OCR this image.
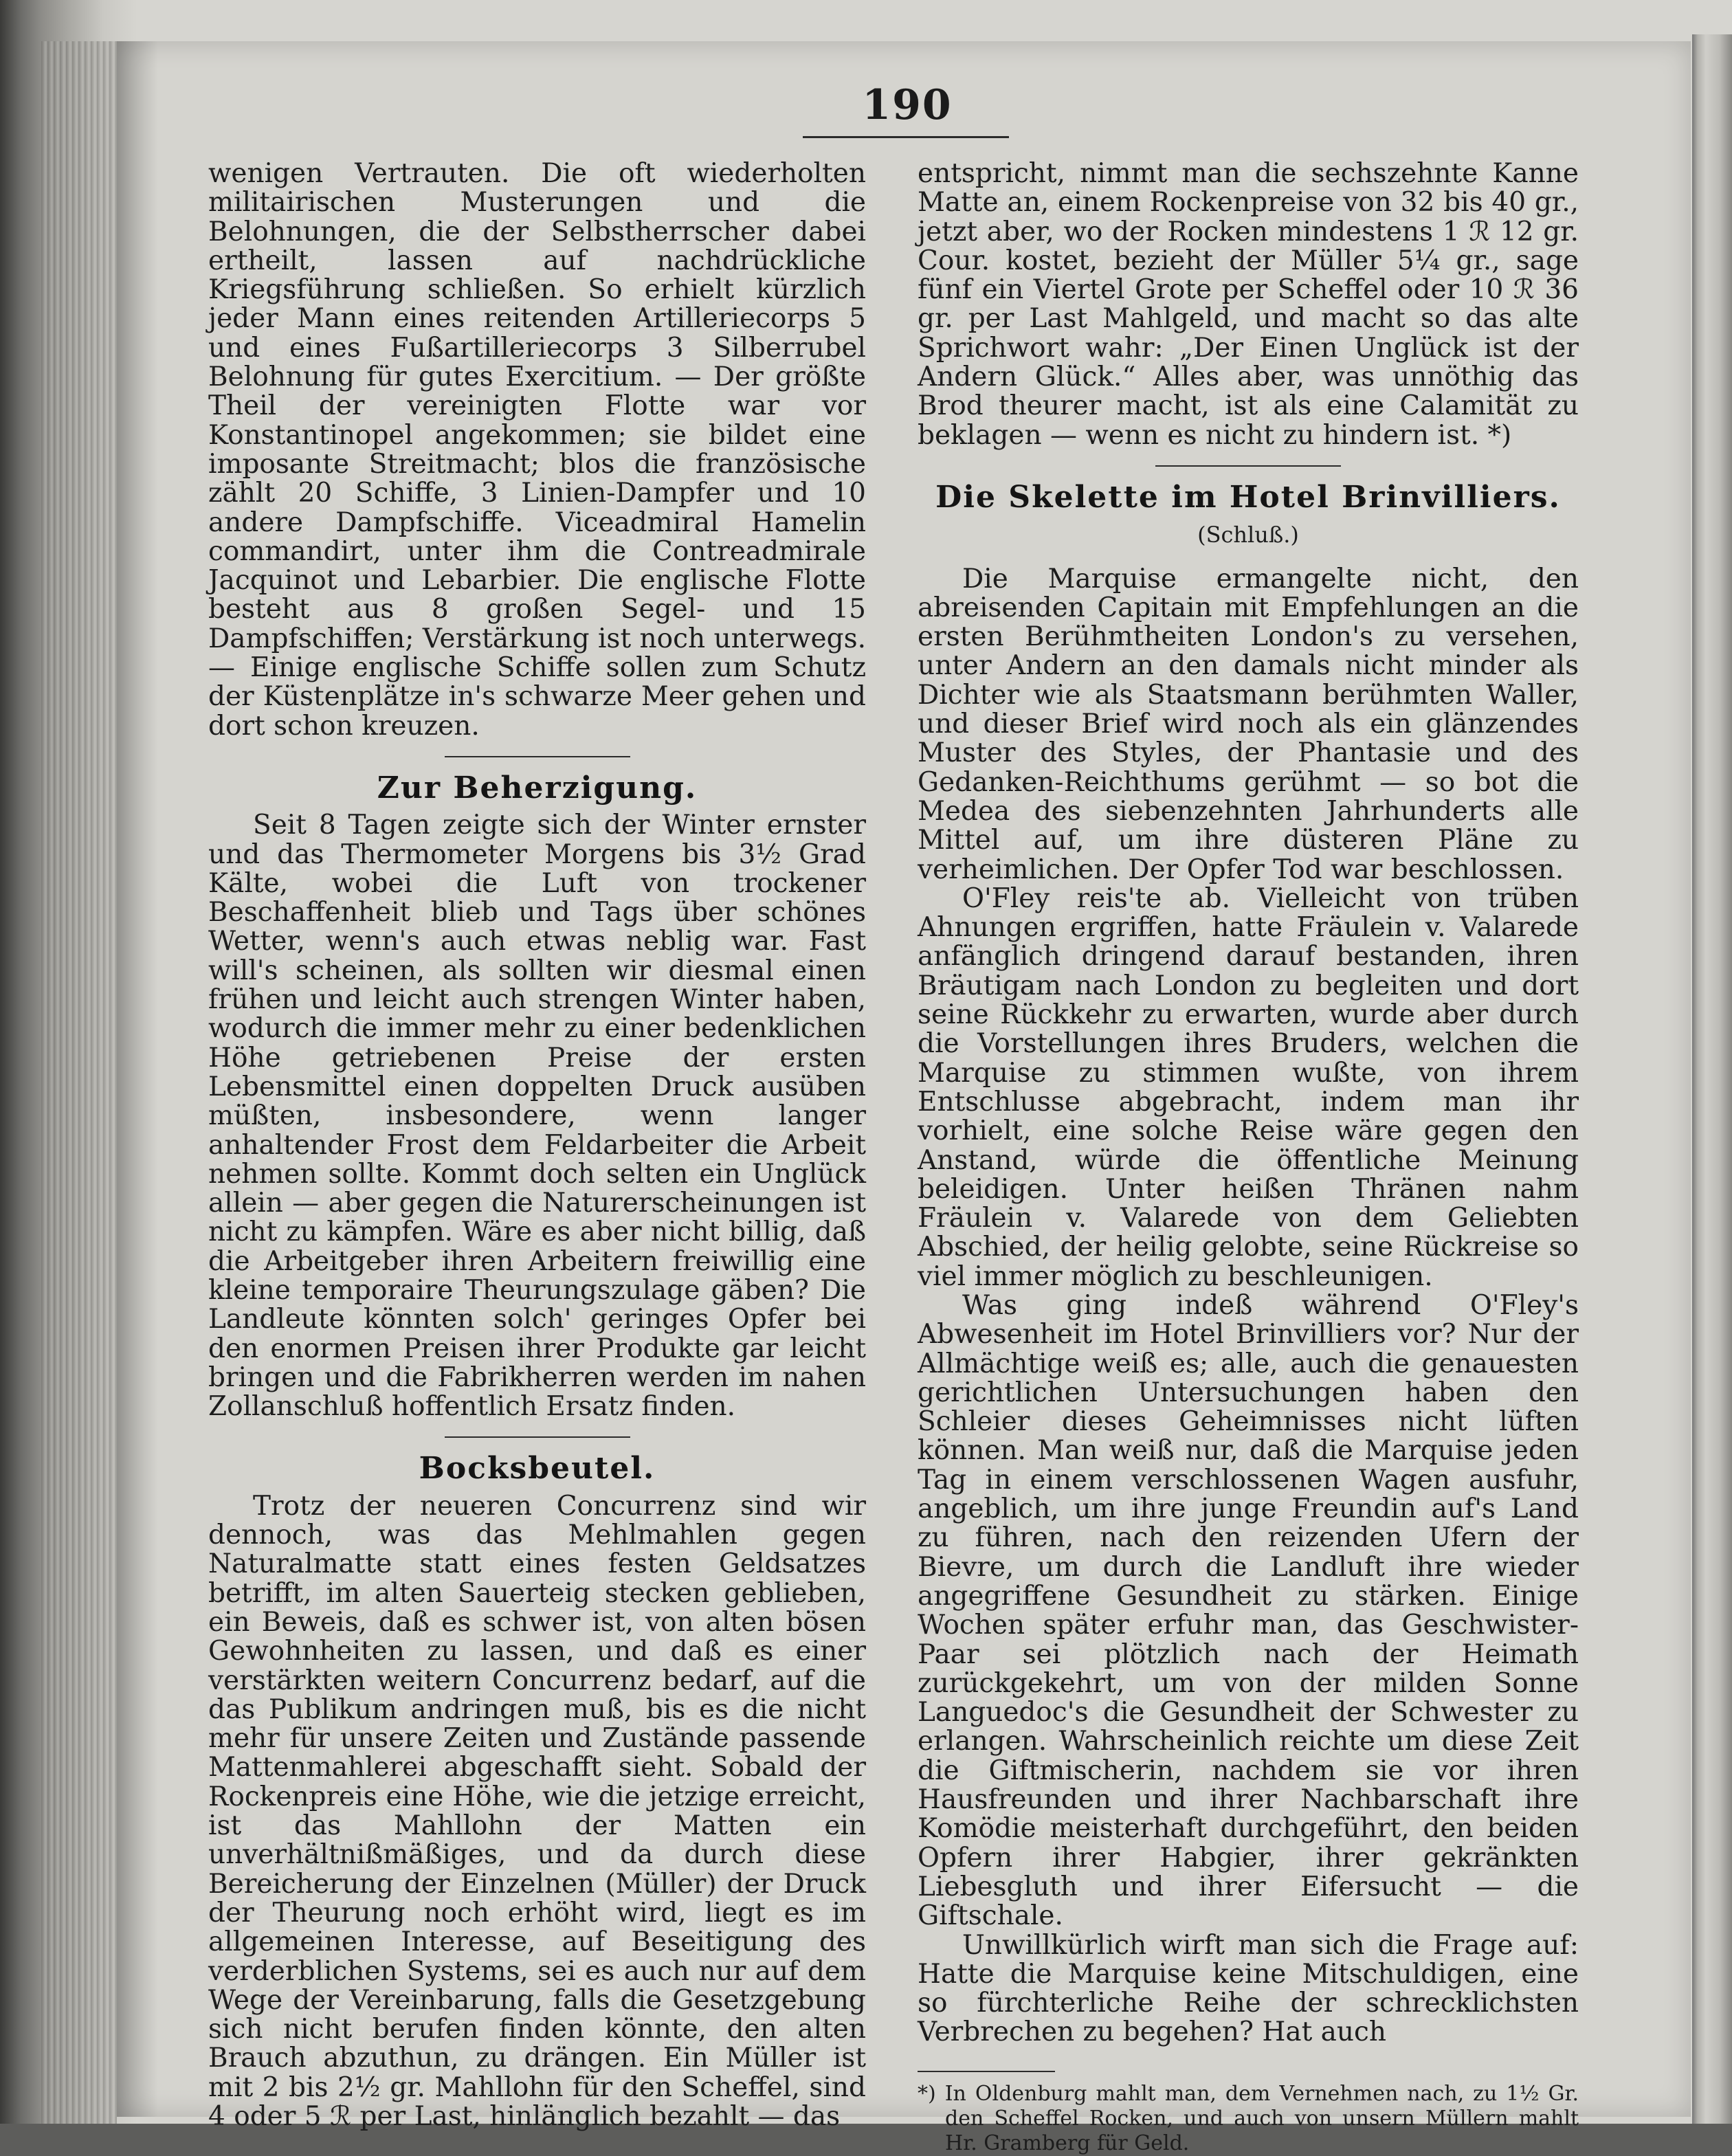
190

wenigen Vertrauten. Die oft wiederholten militairischen Musterungen und die Belohnungen, die der Selbstherrscher dabei ertheilt, lassen auf nachdrückliche Kriegsführung schließen. So erhielt kürzlich jeder Mann eines reitenden Artilleriecorps 5 und eines Fußartilleriecorps 3 Silberrubel Belohnung für gutes Exercitium. — Der größte Theil der vereinigten Flotte war vor Konstantinopel angekommen; sie bildet eine imposante Streitmacht; blos die französische zählt 20 Schiffe, 3 Linien-Dampfer und 10 andere Dampfschiffe. Viceadmiral Hamelin commandirt, unter ihm die Contreadmirale Jacquinot und Lebarbier. Die englische Flotte besteht aus 8 großen Segel- und 15 Dampfschiffen; Verstärkung ist noch unterwegs. — Einige englische Schiffe sollen zum Schutz der Küstenplätze in's schwarze Meer gehen und dort schon kreuzen.

Zur Beherzigung.

Seit 8 Tagen zeigte sich der Winter ernster und das Thermometer Morgens bis 3½ Grad Kälte, wobei die Luft von trockener Beschaffenheit blieb und Tags über schönes Wetter, wenn's auch etwas neblig war. Fast will's scheinen, als sollten wir diesmal einen frühen und leicht auch strengen Winter haben, wodurch die immer mehr zu einer bedenklichen Höhe getriebenen Preise der ersten Lebensmittel einen doppelten Druck ausüben müßten, insbesondere, wenn langer anhaltender Frost dem Feldarbeiter die Arbeit nehmen sollte. Kommt doch selten ein Unglück allein — aber gegen die Naturerscheinungen ist nicht zu kämpfen. Wäre es aber nicht billig, daß die Arbeitgeber ihren Arbeitern freiwillig eine kleine temporaire Theurungszulage gäben? Die Landleute könnten solch' geringes Opfer bei den enormen Preisen ihrer Produkte gar leicht bringen und die Fabrikherren werden im nahen Zollanschluß hoffentlich Ersatz finden.

Bocksbeutel.

Trotz der neueren Concurrenz sind wir dennoch, was das Mehlmahlen gegen Naturalmatte statt eines festen Geldsatzes betrifft, im alten Sauerteig stecken geblieben, ein Beweis, daß es schwer ist, von alten bösen Gewohnheiten zu lassen, und daß es einer verstärkten weitern Concurrenz bedarf, auf die das Publikum andringen muß, bis es die nicht mehr für unsere Zeiten und Zustände passende Mattenmahlerei abgeschafft sieht. Sobald der Rockenpreis eine Höhe, wie die jetzige erreicht, ist das Mahllohn der Matten ein unverhältnißmäßiges, und da durch diese Bereicherung der Einzelnen (Müller) der Druck der Theurung noch erhöht wird, liegt es im allgemeinen Interesse, auf Beseitigung des verderblichen Systems, sei es auch nur auf dem Wege der Vereinbarung, falls die Gesetzgebung sich nicht berufen finden könnte, den alten Brauch abzuthun, zu drängen. Ein Müller ist mit 2 bis 2½ gr. Mahllohn für den Scheffel, sind 4 oder 5 ℛ per Last, hinlänglich bezahlt — das

entspricht, nimmt man die sechszehnte Kanne Matte an, einem Rockenpreise von 32 bis 40 gr., jetzt aber, wo der Rocken mindestens 1 ℛ 12 gr. Cour. kostet, bezieht der Müller 5¼ gr., sage fünf ein Viertel Grote per Scheffel oder 10 ℛ 36 gr. per Last Mahlgeld, und macht so das alte Sprichwort wahr: „Der Einen Unglück ist der Andern Glück.“ Alles aber, was unnöthig das Brod theurer macht, ist als eine Calamität zu beklagen — wenn es nicht zu hindern ist. *)

Die Skelette im Hotel Brinvilliers.
(Schluß.)

Die Marquise ermangelte nicht, den abreisenden Capitain mit Empfehlungen an die ersten Berühmtheiten London's zu versehen, unter Andern an den damals nicht minder als Dichter wie als Staatsmann berühmten Waller, und dieser Brief wird noch als ein glänzendes Muster des Styles, der Phantasie und des Gedanken-Reichthums gerühmt — so bot die Medea des siebenzehnten Jahrhunderts alle Mittel auf, um ihre düsteren Pläne zu verheimlichen. Der Opfer Tod war beschlossen.

O'Fley reis'te ab. Vielleicht von trüben Ahnungen ergriffen, hatte Fräulein v. Valarede anfänglich dringend darauf bestanden, ihren Bräutigam nach London zu begleiten und dort seine Rückkehr zu erwarten, wurde aber durch die Vorstellungen ihres Bruders, welchen die Marquise zu stimmen wußte, von ihrem Entschlusse abgebracht, indem man ihr vorhielt, eine solche Reise wäre gegen den Anstand, würde die öffentliche Meinung beleidigen. Unter heißen Thränen nahm Fräulein v. Valarede von dem Geliebten Abschied, der heilig gelobte, seine Rückreise so viel immer möglich zu beschleunigen.

Was ging indeß während O'Fley's Abwesenheit im Hotel Brinvilliers vor? Nur der Allmächtige weiß es; alle, auch die genauesten gerichtlichen Untersuchungen haben den Schleier dieses Geheimnisses nicht lüften können. Man weiß nur, daß die Marquise jeden Tag in einem verschlossenen Wagen ausfuhr, angeblich, um ihre junge Freundin auf's Land zu führen, nach den reizenden Ufern der Bievre, um durch die Landluft ihre wieder angegriffene Gesundheit zu stärken. Einige Wochen später erfuhr man, das Geschwister-Paar sei plötzlich nach der Heimath zurückgekehrt, um von der milden Sonne Languedoc's die Gesundheit der Schwester zu erlangen. Wahrscheinlich reichte um diese Zeit die Giftmischerin, nachdem sie vor ihren Hausfreunden und ihrer Nachbarschaft ihre Komödie meisterhaft durchgeführt, den beiden Opfern ihrer Habgier, ihrer gekränkten Liebesgluth und ihrer Eifersucht — die Giftschale.

Unwillkürlich wirft man sich die Frage auf: Hatte die Marquise keine Mitschuldigen, eine so fürchterliche Reihe der schrecklichsten Verbrechen zu begehen? Hat auch

*) In Oldenburg mahlt man, dem Vernehmen nach, zu 1½ Gr. den Scheffel Rocken, und auch von unsern Müllern mahlt Hr. Gramberg für Geld.
